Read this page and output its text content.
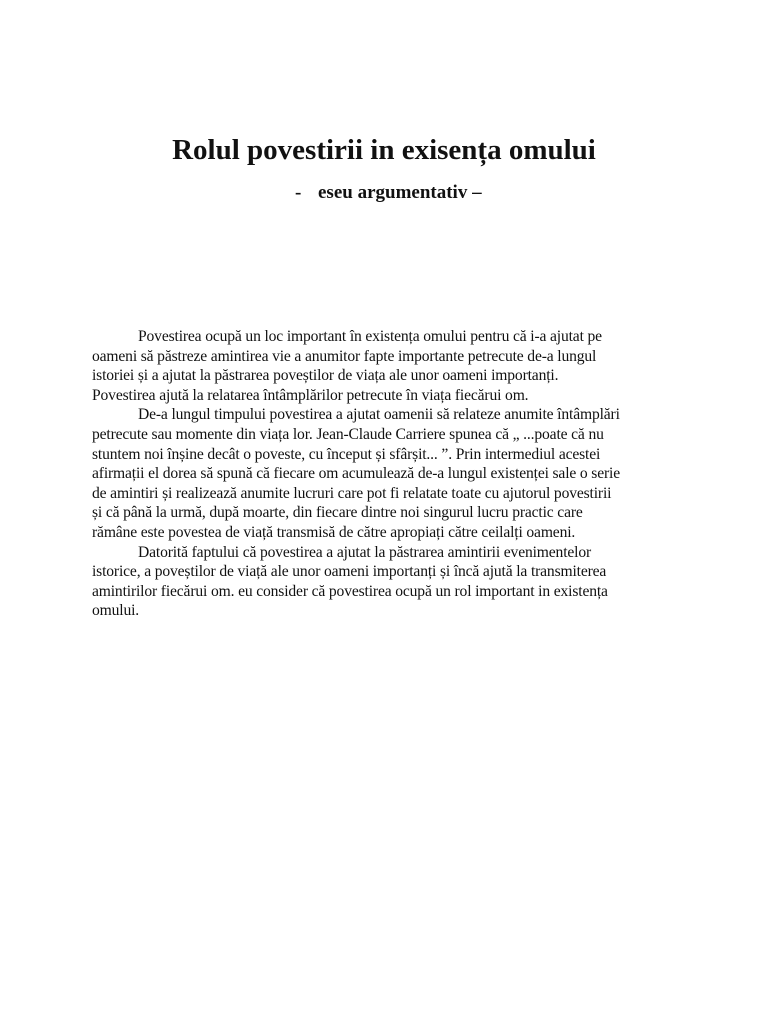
Rolul povestirii in exisența omului
- eseu argumentativ –
Povestirea ocupă un loc important în existența omului pentru că i-a ajutat pe
oameni să păstreze amintirea vie a anumitor fapte importante petrecute de-a lungul
istoriei și a ajutat la păstrarea poveștilor de viața ale unor oameni importanți.
Povestirea ajută la relatarea întâmplărilor petrecute în viața fiecărui om.
De-a lungul timpului povestirea a ajutat oamenii să relateze anumite întâmplări
petrecute sau momente din viața lor. Jean-Claude Carriere spunea că „ ...poate că nu
stuntem noi înșine decât o poveste, cu început și sfârșit... ”. Prin intermediul acestei
afirmații el dorea să spună că fiecare om acumulează de-a lungul existenței sale o serie
de amintiri și realizează anumite lucruri care pot fi relatate toate cu ajutorul povestirii
și că până la urmă, după moarte, din fiecare dintre noi singurul lucru practic care
rămâne este povestea de viață transmisă de către apropiați către ceilalți oameni.
Datorită faptului că povestirea a ajutat la păstrarea amintirii evenimentelor
istorice, a poveștilor de viață ale unor oameni importanți și încă ajută la transmiterea
amintirilor fiecărui om. eu consider că povestirea ocupă un rol important in existența
omului.
